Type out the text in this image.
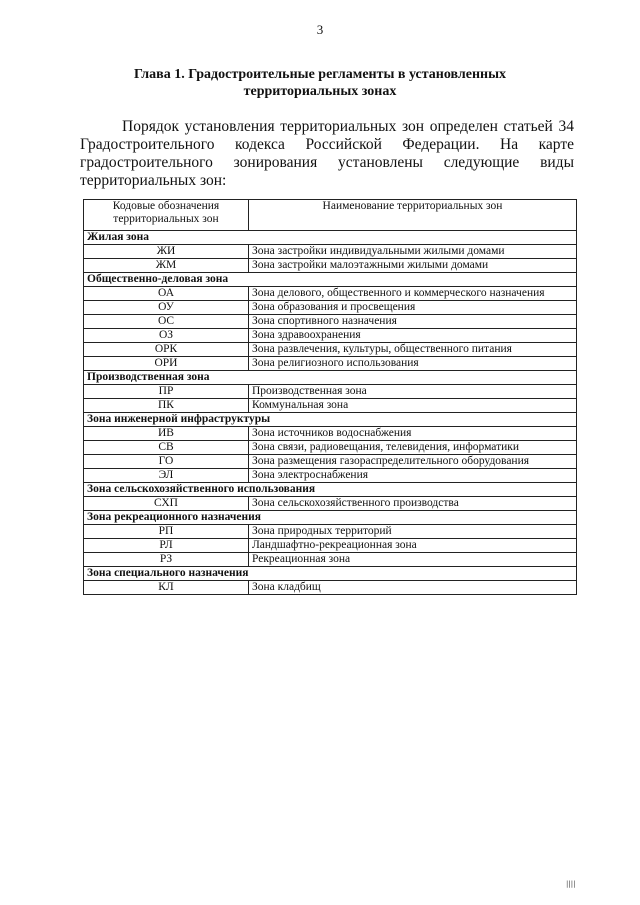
3
Глава 1. Градостроительные регламенты в установленных территориальных зонах

Порядок установления территориальных зон определен статьей 34 Градостроительного кодекса Российской Федерации. На карте градостроительного зонирования установлены следующие виды территориальных зон:

Кодовые обозначения территориальных зон	Наименование территориальных зон
Жилая зона	
ЖИ	Зона застройки индивидуальными жилыми домами
ЖМ	Зона застройки малоэтажными жилыми домами
Общественно-деловая зона	
ОА	Зона делового, общественного и коммерческого назначения
ОУ	Зона образования и просвещения
ОС	Зона спортивного назначения
ОЗ	Зона здравоохранения
ОРК	Зона развлечения, культуры, общественного питания
ОРИ	Зона религиозного использования
Производственная зона	
ПР	Производственная зона
ПК	Коммунальная зона
Зона инженерной инфраструктуры	
ИВ	Зона источников водоснабжения
СВ	Зона связи, радиовещания, телевидения, информатики
ГО	Зона размещения газораспределительного оборудования
ЭЛ	Зона электроснабжения
Зона сельскохозяйственного использования	
СХП	Зона сельскохозяйственного производства
Зона рекреационного назначения	
РП	Зона природных территорий
РЛ	Ландшафтно-рекреационная зона
РЗ	Рекреационная зона
Зона специального назначения	
КЛ	Зона кладбищ
||||
